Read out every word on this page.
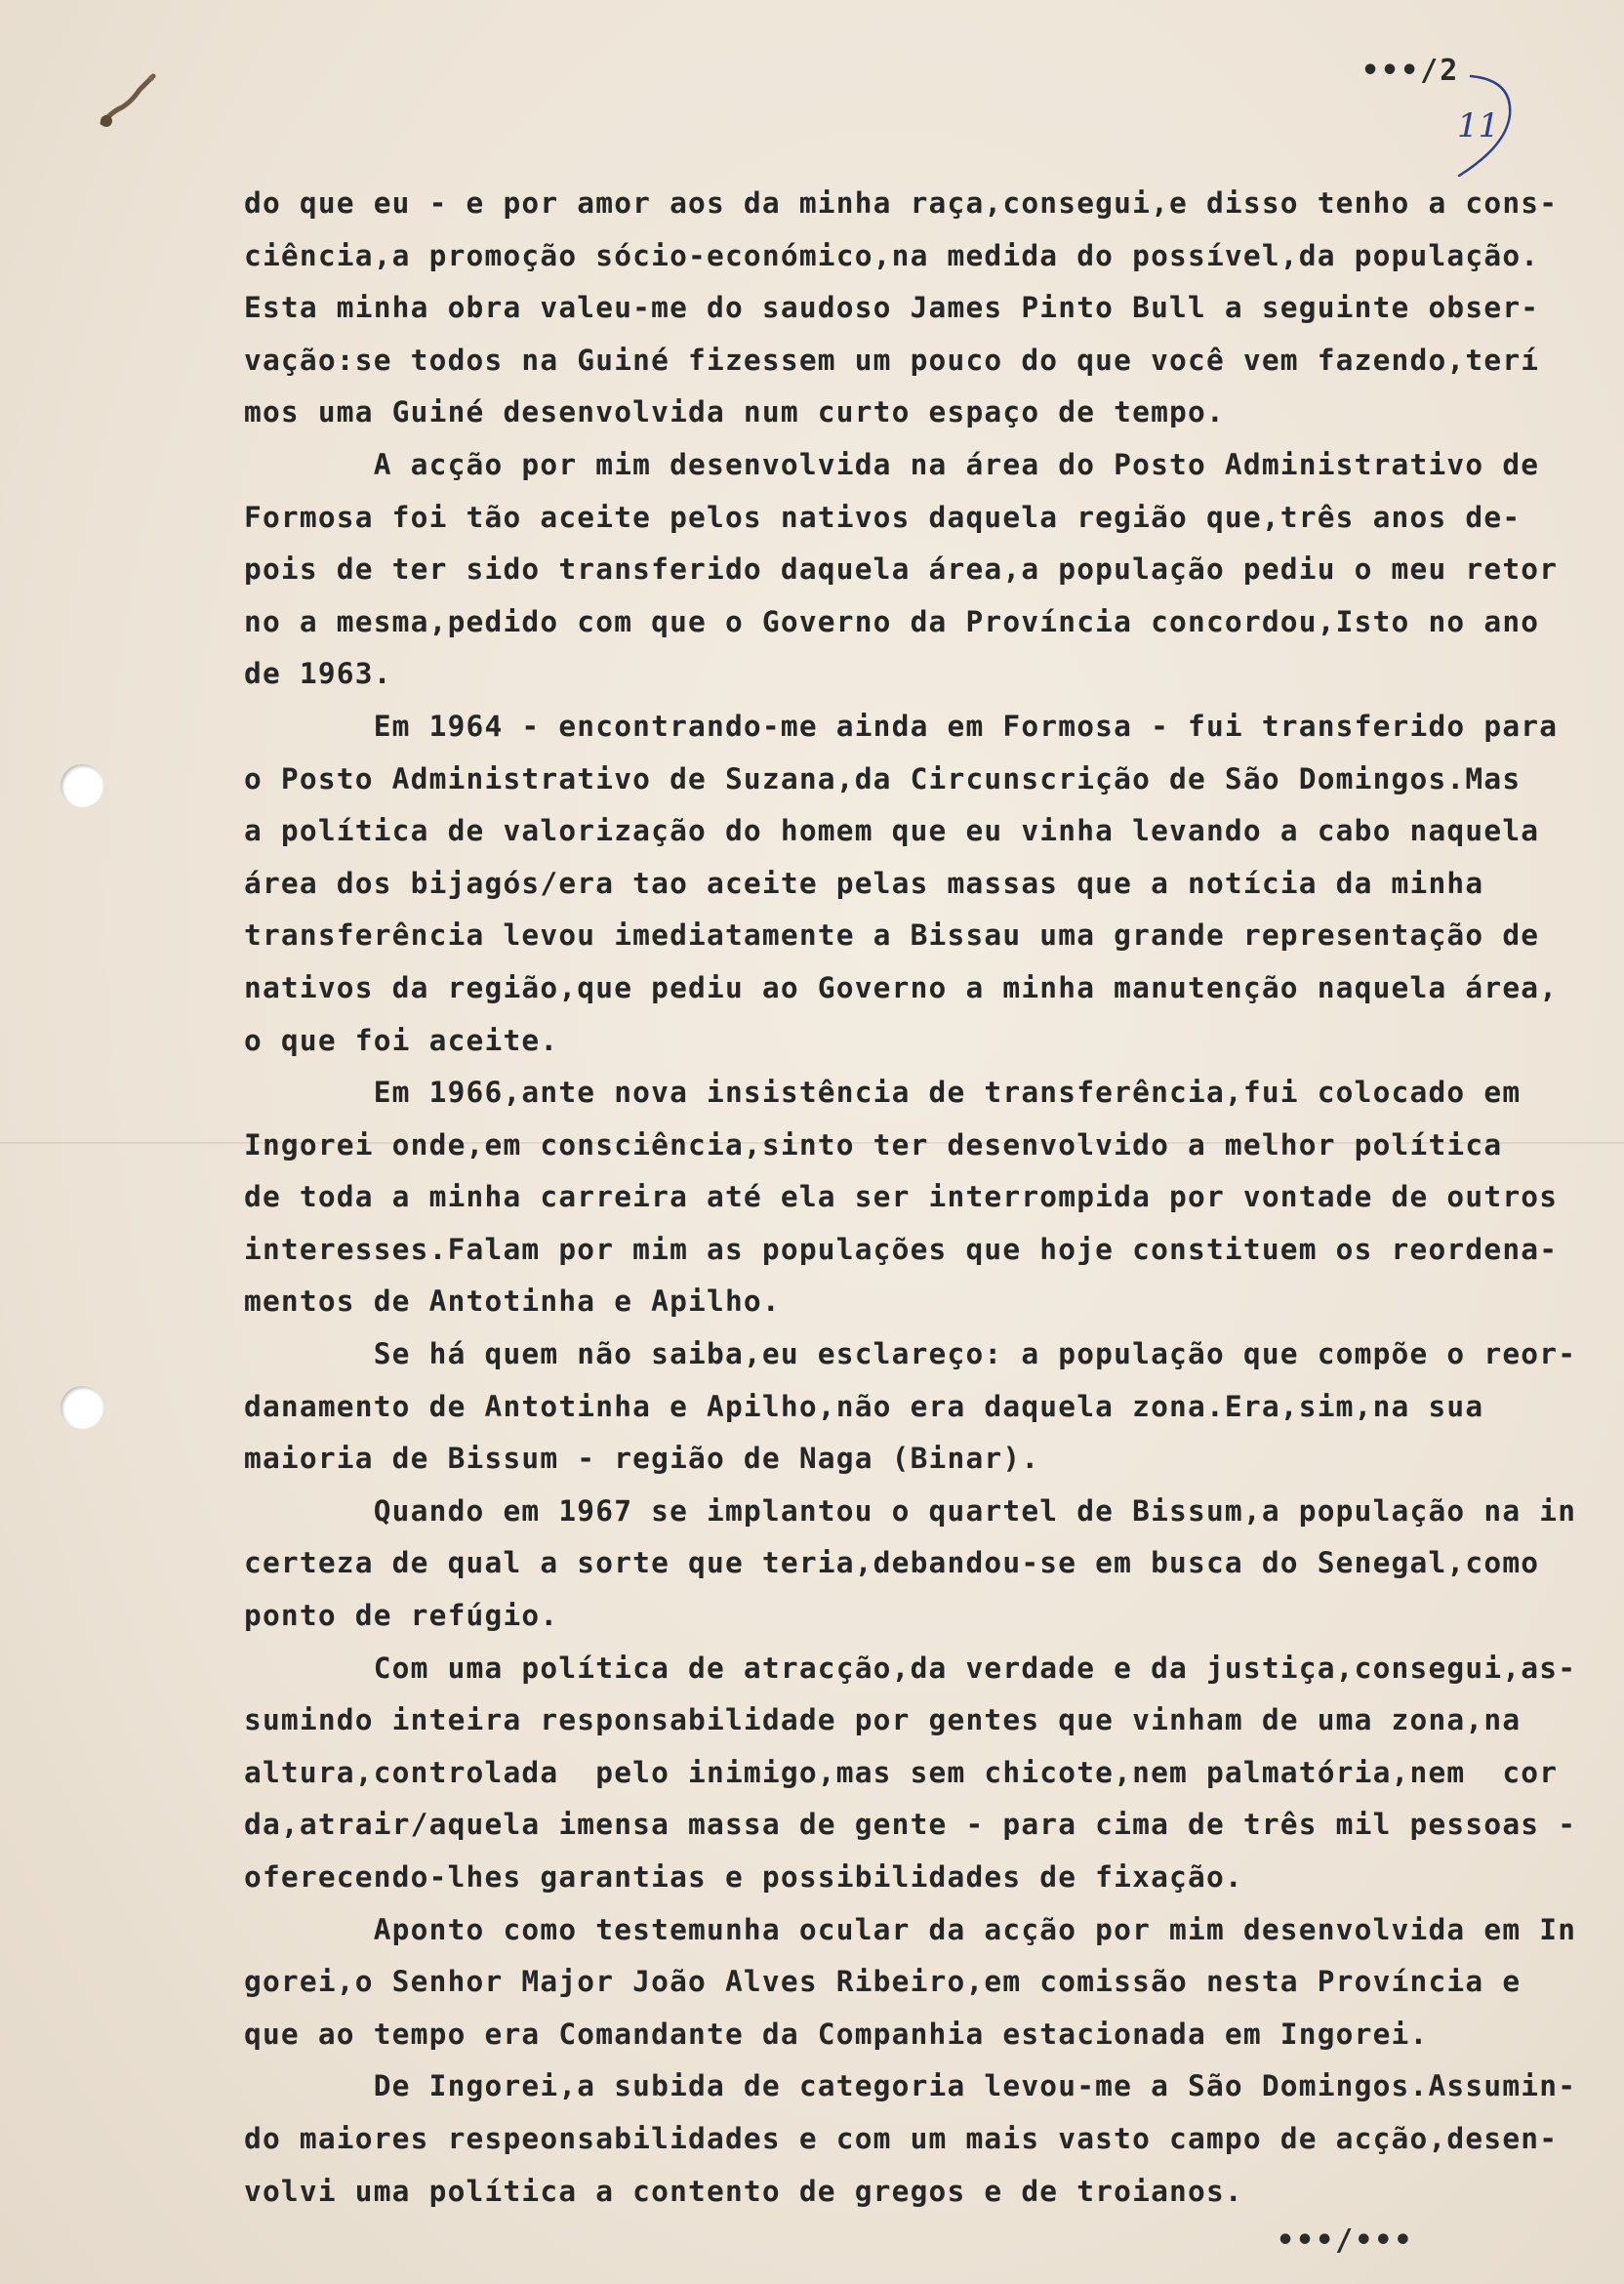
•••/2
11
do que eu - e por amor aos da minha raça,consegui,e disso tenho a cons-
ciência,a promoção sócio-económico,na medida do possível,da população.
Esta minha obra valeu-me do saudoso James Pinto Bull a seguinte obser-
vação:se todos na Guiné fizessem um pouco do que você vem fazendo,terí
mos uma Guiné desenvolvida num curto espaço de tempo.
A acção por mim desenvolvida na área do Posto Administrativo de
Formosa foi tão aceite pelos nativos daquela região que,três anos de-
pois de ter sido transferido daquela área,a população pediu o meu retor
no a mesma,pedido com que o Governo da Província concordou,Isto no ano
de 1963.
Em 1964 - encontrando-me ainda em Formosa - fui transferido para
o Posto Administrativo de Suzana,da Circunscrição de São Domingos.Mas
a política de valorização do homem que eu vinha levando a cabo naquela
área dos bijagós/era tao aceite pelas massas que a notícia da minha
transferência levou imediatamente a Bissau uma grande representação de
nativos da região,que pediu ao Governo a minha manutenção naquela área,
o que foi aceite.
Em 1966,ante nova insistência de transferência,fui colocado em
Ingorei onde,em consciência,sinto ter desenvolvido a melhor política
de toda a minha carreira até ela ser interrompida por vontade de outros
interesses.Falam por mim as populações que hoje constituem os reordena-
mentos de Antotinha e Apilho.
Se há quem não saiba,eu esclareço: a população que compõe o reor-
danamento de Antotinha e Apilho,não era daquela zona.Era,sim,na sua
maioria de Bissum - região de Naga (Binar).
Quando em 1967 se implantou o quartel de Bissum,a população na in
certeza de qual a sorte que teria,debandou-se em busca do Senegal,como
ponto de refúgio.
Com uma política de atracção,da verdade e da justiça,consegui,as-
sumindo inteira responsabilidade por gentes que vinham de uma zona,na
altura,controlada  pelo inimigo,mas sem chicote,nem palmatória,nem  cor
da,atrair/aquela imensa massa de gente - para cima de três mil pessoas -
oferecendo-lhes garantias e possibilidades de fixação.
Aponto como testemunha ocular da acção por mim desenvolvida em In
gorei,o Senhor Major João Alves Ribeiro,em comissão nesta Província e
que ao tempo era Comandante da Companhia estacionada em Ingorei.
De Ingorei,a subida de categoria levou-me a São Domingos.Assumin-
do maiores respeonsabilidades e com um mais vasto campo de acção,desen-
volvi uma política a contento de gregos e de troianos.
•••/•••
